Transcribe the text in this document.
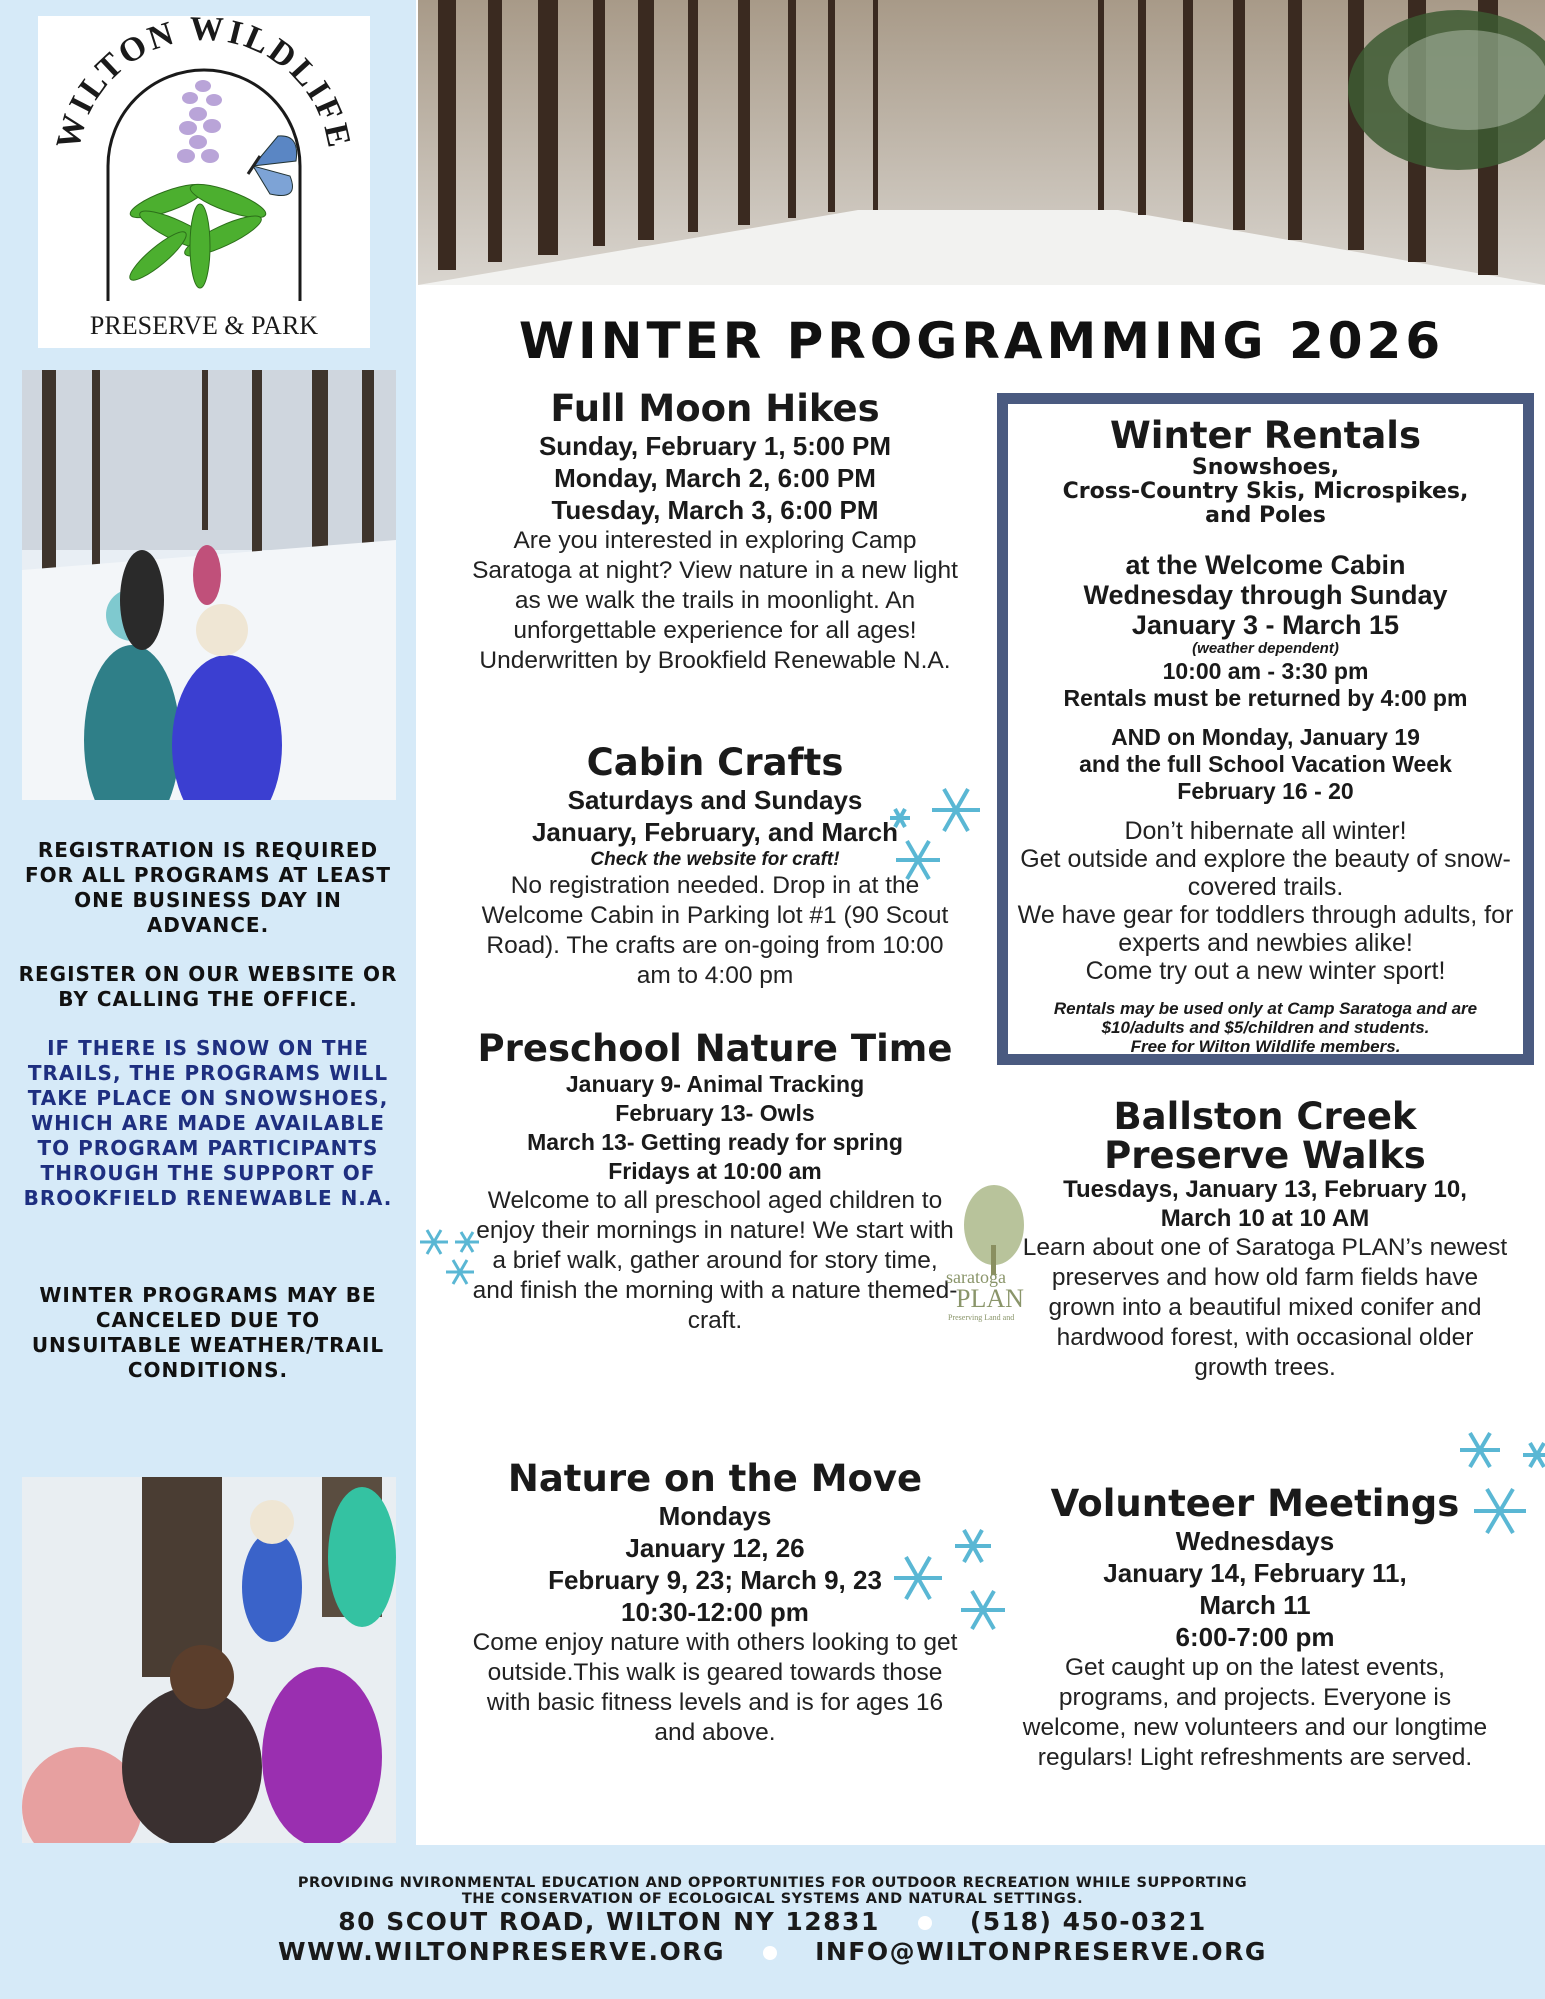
WILTON WILDLIFE
PRESERVE & PARK
REGISTRATION IS REQUIRED FOR ALL PROGRAMS AT LEAST ONE BUSINESS DAY IN ADVANCE.
REGISTER ON OUR WEBSITE OR BY CALLING THE OFFICE.
IF THERE IS SNOW ON THE TRAILS, THE PROGRAMS WILL TAKE PLACE ON SNOWSHOES, WHICH ARE MADE AVAILABLE TO PROGRAM PARTICIPANTS THROUGH THE SUPPORT OF BROOKFIELD RENEWABLE N.A.
WINTER PROGRAMS MAY BE CANCELED DUE TO UNSUITABLE WEATHER/TRAIL CONDITIONS.
WINTER PROGRAMMING 2026
Full Moon Hikes
Sunday, February 1, 5:00 PM
Monday, March 2, 6:00 PM
Tuesday, March 3, 6:00 PM
Are you interested in exploring Camp Saratoga at night? View nature in a new light as we walk the trails in moonlight. An unforgettable experience for all ages! Underwritten by Brookfield Renewable N.A.
Cabin Crafts
Saturdays and Sundays
January, February, and March
Check the website for craft!
No registration needed. Drop in at the Welcome Cabin in Parking lot #1 (90 Scout Road). The crafts are on-going from 10:00 am to 4:00 pm
Preschool Nature Time
January 9- Animal Tracking
February 13- Owls
March 13- Getting ready for spring
Fridays at 10:00 am
Welcome to all preschool aged children to enjoy their mornings in nature! We start with a brief walk, gather around for story time, and finish the morning with a nature themed-craft.
Nature on the Move
Mondays
January 12, 26
February 9, 23; March 9, 23
10:30-12:00 pm
Come enjoy nature with others looking to get outside.This walk is geared towards those with basic fitness levels and is for ages 16 and above.
Winter Rentals
Snowshoes,
Cross-Country Skis, Microspikes,
and Poles
at the Welcome Cabin
Wednesday through Sunday
January 3 - March 15
(weather dependent)
10:00 am - 3:30 pm
Rentals must be returned by 4:00 pm
AND on Monday, January 19
and the full School Vacation Week
February 16 - 20
Don’t hibernate all winter!
Get outside and explore the beauty of snow-covered trails.
We have gear for toddlers through adults, for experts and newbies alike!
Come try out a new winter sport!
Rentals may be used only at Camp Saratoga and are
$10/adults and $5/children and students.
Free for Wilton Wildlife members.
Ballston Creek Preserve Walks
Tuesdays, January 13, February 10,
March 10 at 10 AM
Learn about one of Saratoga PLAN’s newest preserves and how old farm fields have grown into a beautiful mixed conifer and hardwood forest, with occasional older growth trees.
saratoga
PLAN
Preserving Land and
Volunteer Meetings
Wednesdays
January 14, February 11,
March 11
6:00-7:00 pm
Get caught up on the latest events, programs, and projects. Everyone is welcome, new volunteers and our longtime regulars! Light refreshments are served.
PROVIDING NVIRONMENTAL EDUCATION AND OPPORTUNITIES FOR OUTDOOR RECREATION WHILE SUPPORTING
THE CONSERVATION OF ECOLOGICAL SYSTEMS AND NATURAL SETTINGS.
80 SCOUT ROAD, WILTON NY 12831	(518) 450-0321
WWW.WILTONPRESERVE.ORG	INFO@WILTONPRESERVE.ORG
